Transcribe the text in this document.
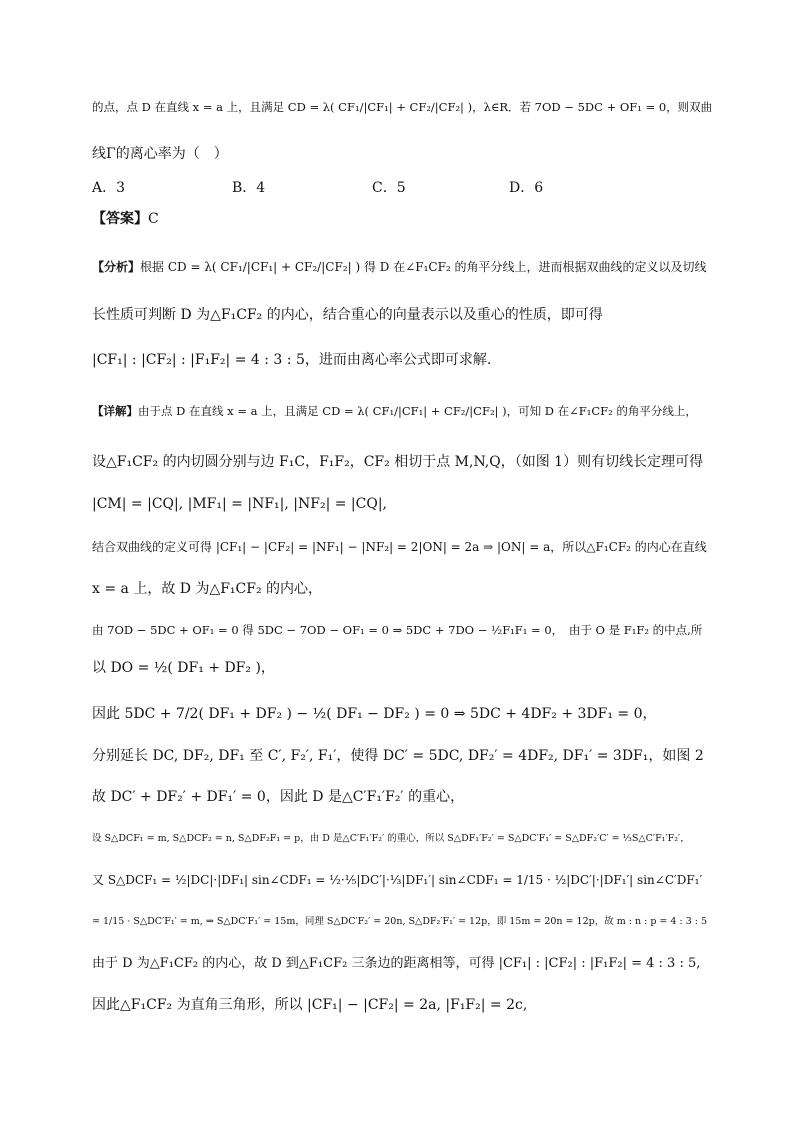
的点，点 D 在直线 x = a 上，且满足 CD = λ( CF₁/|CF₁| + CF₂/|CF₂| )，λ∈R．若 7OD − 5DC + OF₁ = 0，则双曲
线Γ的离心率为（　）
A．3	B．4	C．5	D．6
【答案】C
【分析】根据 CD = λ( CF₁/|CF₁| + CF₂/|CF₂| ) 得 D 在∠F₁CF₂ 的角平分线上，进而根据双曲线的定义以及切线
长性质可判断 D 为△F₁CF₂ 的内心，结合重心的向量表示以及重心的性质，即可得
|CF₁| : |CF₂| : |F₁F₂| = 4 : 3 : 5，进而由离心率公式即可求解.
【详解】由于点 D 在直线 x = a 上，且满足 CD = λ( CF₁/|CF₁| + CF₂/|CF₂| )，可知 D 在∠F₁CF₂ 的角平分线上，
设△F₁CF₂ 的内切圆分别与边 F₁C，F₁F₂，CF₂ 相切于点 M,N,Q，（如图 1）则有切线长定理可得
|CM| = |CQ|, |MF₁| = |NF₁|, |NF₂| = |CQ|,
结合双曲线的定义可得 |CF₁| − |CF₂| = |NF₁| − |NF₂| = 2|ON| = 2a ⇒ |ON| = a，所以△F₁CF₂ 的内心在直线
x = a 上，故 D 为△F₁CF₂ 的内心，
由 7OD − 5DC + OF₁ = 0 得 5DC − 7OD − OF₁ = 0 ⇒ 5DC + 7DO − ½F₁F₁ = 0，　由于 O 是 F₁F₂ 的中点,所
以 DO = ½( DF₁ + DF₂ )，
因此 5DC + 7/2( DF₁ + DF₂ ) − ½( DF₁ − DF₂ ) = 0 ⇒ 5DC + 4DF₂ + 3DF₁ = 0，
分别延长 DC, DF₂, DF₁ 至 C′, F₂′, F₁′，使得 DC′ = 5DC, DF₂′ = 4DF₂, DF₁′ = 3DF₁，如图 2
故 DC′ + DF₂′ + DF₁′ = 0，因此 D 是△C′F₁′F₂′ 的重心，
设 S△DCF₁ = m, S△DCF₂ = n, S△DF₂F₁ = p，由 D 是△C′F₁′F₂′ 的重心，所以 S△DF₁′F₂′ = S△DC′F₁′ = S△DF₂′C′ = ⅓S△C′F₁′F₂′，
又 S△DCF₁ = ½|DC|·|DF₁| sin∠CDF₁ = ½·⅕|DC′|·⅓|DF₁′| sin∠CDF₁ = 1/15 · ½|DC′|·|DF₁′| sin∠C′DF₁′
= 1/15 · S△DC′F₁′ = m, ⇒ S△DC′F₁′ = 15m，同理 S△DC′F₂′ = 20n, S△DF₂′F₁′ = 12p，即 15m = 20n = 12p，故 m : n : p = 4 : 3 : 5
由于 D 为△F₁CF₂ 的内心，故 D 到△F₁CF₂ 三条边的距离相等，可得 |CF₁| : |CF₂| : |F₁F₂| = 4 : 3 : 5,
因此△F₁CF₂ 为直角三角形，所以 |CF₁| − |CF₂| = 2a, |F₁F₂| = 2c,
